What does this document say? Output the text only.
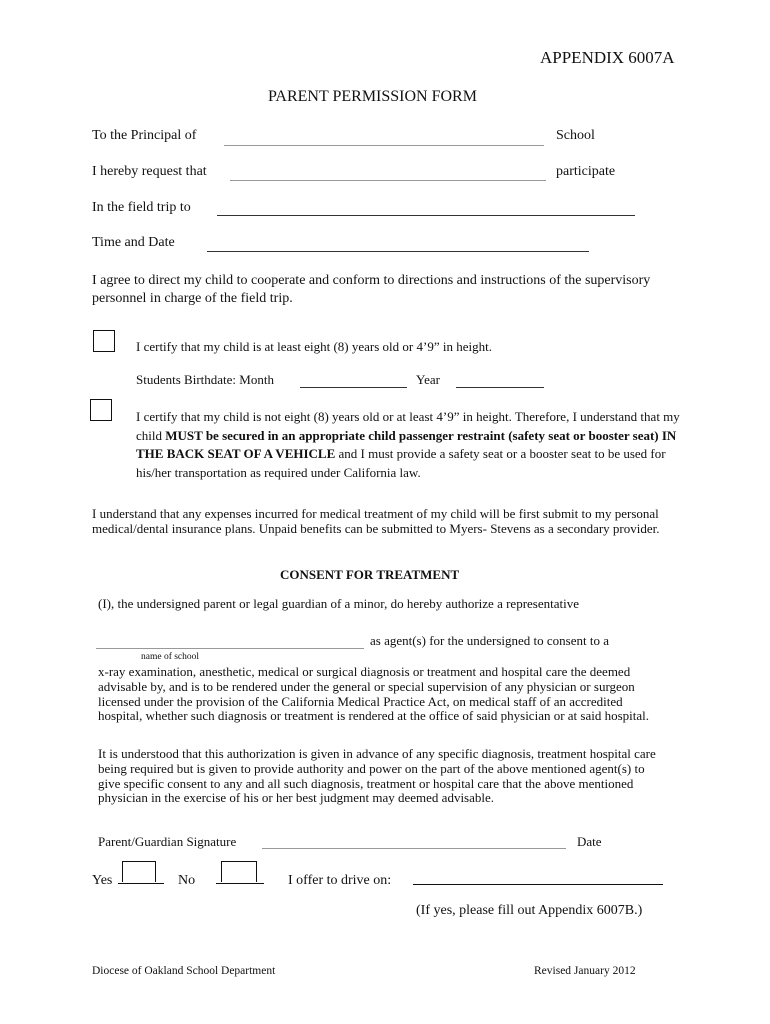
APPENDIX 6007A
PARENT PERMISSION FORM
To the Principal of	School
I hereby request that	participate
In the field trip to
Time and Date
I agree to direct my child to cooperate and conform to directions and instructions of the supervisory personnel in charge of the field trip.
I certify that my child is at least eight (8) years old or 4’9” in height.
Students Birthdate: Month	Year
I certify that my child is not eight (8) years old or at least 4’9” in height. Therefore, I understand that my child MUST be secured in an appropriate child passenger restraint (safety seat or booster seat) IN THE BACK SEAT OF A VEHICLE and I must provide a safety seat or a booster seat to be used for his/her transportation as required under California law.
I understand that any expenses incurred for medical treatment of my child will be first submit to my personal medical/dental insurance plans. Unpaid benefits can be submitted to Myers- Stevens as a secondary provider.
CONSENT FOR TREATMENT
(I), the undersigned parent or legal guardian of a minor, do hereby authorize a representative
as agent(s) for the undersigned to consent to a
name of school
x-ray examination, anesthetic, medical or surgical diagnosis or treatment and hospital care the deemed advisable by, and is to be rendered under the general or special supervision of any physician or surgeon licensed under the provision of the California Medical Practice Act, on medical staff of an accredited hospital, whether such diagnosis or treatment is rendered at the office of said physician or at said hospital.
It is understood that this authorization is given in advance of any specific diagnosis, treatment hospital care being required but is given to provide authority and power on the part of the above mentioned agent(s) to give specific consent to any and all such diagnosis, treatment or hospital care that the above mentioned physician in the exercise of his or her best judgment may deemed advisable.
Parent/Guardian Signature	Date
Yes	No	I offer to drive on:
(If yes, please fill out Appendix 6007B.)
Diocese of Oakland School Department	Revised January 2012
